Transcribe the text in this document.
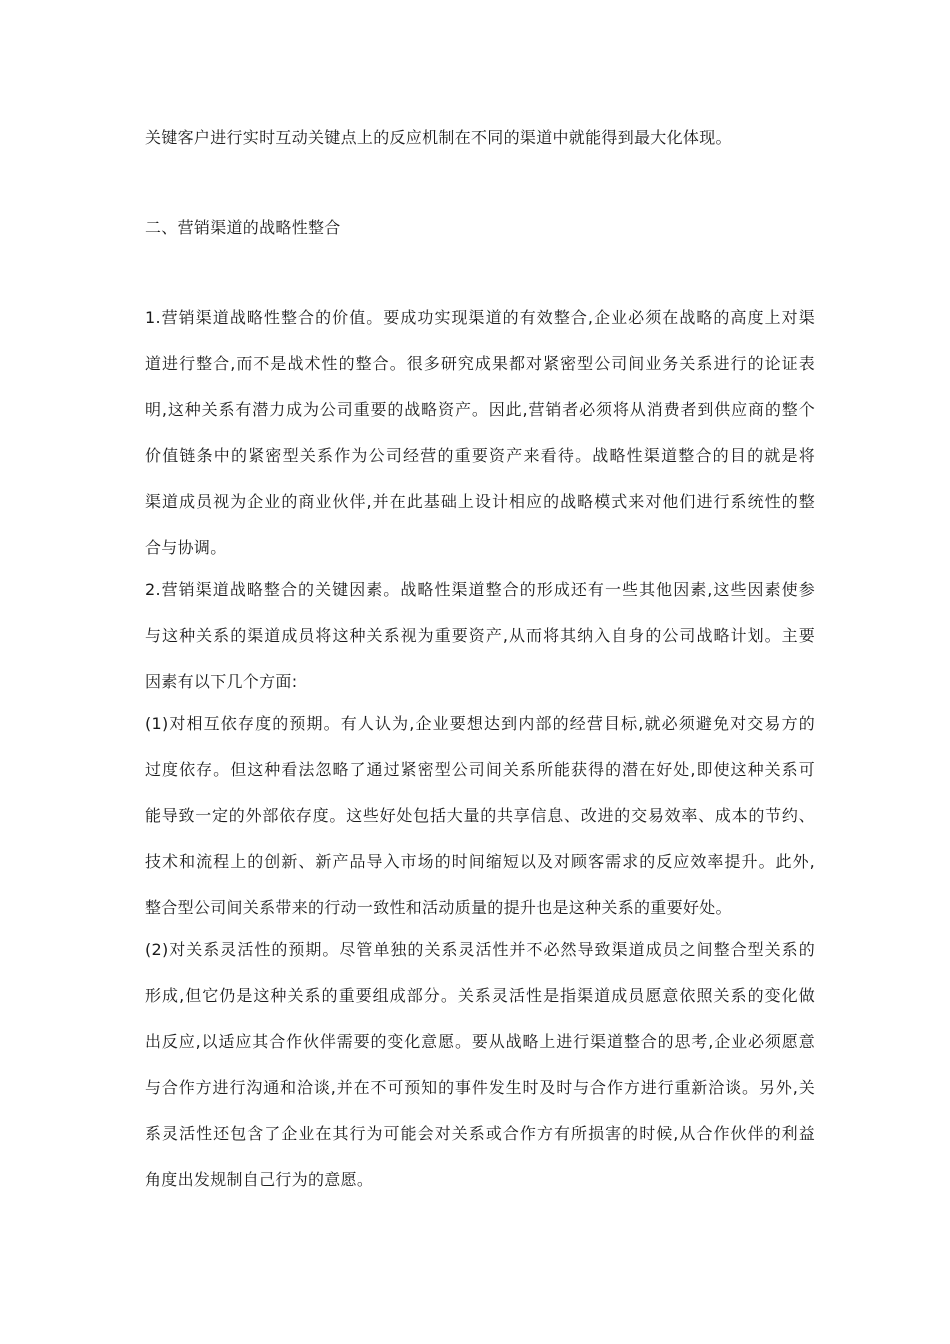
关键客户进行实时互动关键点上的反应机制在不同的渠道中就能得到最大化体现。
二、营销渠道的战略性整合
1.营销渠道战略性整合的价值。要成功实现渠道的有效整合,企业必须在战略的高度上对渠
道进行整合,而不是战术性的整合。很多研究成果都对紧密型公司间业务关系进行的论证表
明,这种关系有潜力成为公司重要的战略资产。因此,营销者必须将从消费者到供应商的整个
价值链条中的紧密型关系作为公司经营的重要资产来看待。战略性渠道整合的目的就是将
渠道成员视为企业的商业伙伴,并在此基础上设计相应的战略模式来对他们进行系统性的整
合与协调。
2.营销渠道战略整合的关键因素。战略性渠道整合的形成还有一些其他因素,这些因素使参
与这种关系的渠道成员将这种关系视为重要资产,从而将其纳入自身的公司战略计划。主要
因素有以下几个方面:
(1)对相互依存度的预期。有人认为,企业要想达到内部的经营目标,就必须避免对交易方的
过度依存。但这种看法忽略了通过紧密型公司间关系所能获得的潜在好处,即使这种关系可
能导致一定的外部依存度。这些好处包括大量的共享信息、改进的交易效率、成本的节约、
技术和流程上的创新、新产品导入市场的时间缩短以及对顾客需求的反应效率提升。此外,
整合型公司间关系带来的行动一致性和活动质量的提升也是这种关系的重要好处。
(2)对关系灵活性的预期。尽管单独的关系灵活性并不必然导致渠道成员之间整合型关系的
形成,但它仍是这种关系的重要组成部分。关系灵活性是指渠道成员愿意依照关系的变化做
出反应,以适应其合作伙伴需要的变化意愿。要从战略上进行渠道整合的思考,企业必须愿意
与合作方进行沟通和洽谈,并在不可预知的事件发生时及时与合作方进行重新洽谈。另外,关
系灵活性还包含了企业在其行为可能会对关系或合作方有所损害的时候,从合作伙伴的利益
角度出发规制自己行为的意愿。
